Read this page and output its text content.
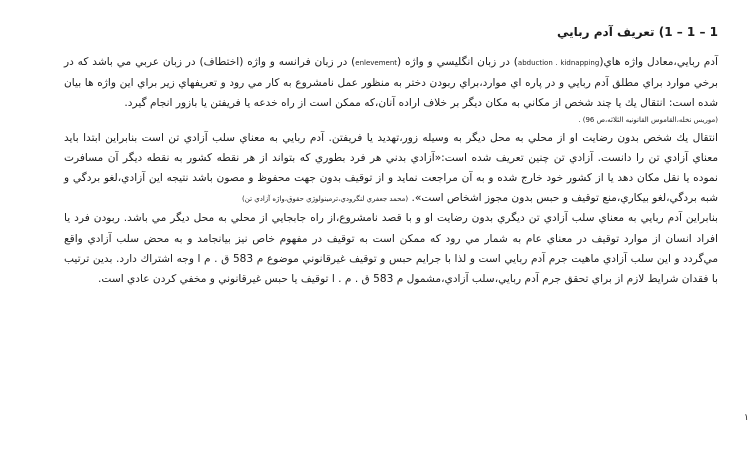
1 – 1 – 1) تعريف آدم ربايي

آدم ربايي،معادل واژه هاي(abduction . kidnapping) در زبان انگليسي و واژه (enlevement) در زبان فرانسه و واژه (اختطاف) در زبان عربي مي باشد كه در برخي موارد براي مطلق آدم ربايي و در پاره اي موارد،براي ربودن دختر به منظور عمل نامشروع به كار مي رود و تعريفهاي زير براي اين واژه ها بيان شده است: انتقال يك يا چند شخص از مكاني به مكان ديگر بر خلاف اراده آنان،كه ممكن است از راه خدعه يا فريفتن يا بازور انجام گيرد.

(موريس نخله،القاموس القانونيه الثلاثه،ص 96) .

انتقال يك شخص بدون رضايت او از محلي به محل ديگر به وسيله زور،تهديد يا فريفتن. آدم ربايي به معناي سلب آزادي تن است بنابراين ابتدا بايد معناي آزادي تن را دانست. آزادي تن چنين تعريف شده است:«آزادي بدني هر فرد بطوري كه بتواند از هر نقطه كشور به نقطه ديگر آن مسافرت نموده يا نقل مكان دهد يا از كشور خود خارج شده و به آن مراجعت نمايد و از توقيف بدون جهت محفوظ و مصون باشد نتيجه اين آزادي،لغو بردگي و شبه بردگي،لغو بيكاري،منع توقيف و حبس بدون مجوز اشخاص است». (محمد جعفري لنگرودي،ترمينولوژي حقوق،واژه آزادي تن)

بنابراين آدم ربايي به معناي سلب آزادي تن ديگري بدون رضايت او و با قصد نامشروع،از راه جابجايي از محلي به محل ديگر مي باشد. ربودن فرد يا افراد انسان از موارد توقيف در معناي عام به شمار مي رود كه ممكن است به توقيف در مفهوم خاص نيز بيانجامد و به محض سلب آزادي واقع مي‌گردد و اين سلب آزادي ماهيت جرم آدم ربايي است و لذا با جرايم حبس و توقيف غيرقانوني موضوع م 583 ق . م ا وجه اشتراك دارد. بدين ترتيب با فقدان شرايط لازم از براي تحقق جرم آدم ربايي،سلب آزادي،مشمول م 583 ق . م . ا توقيف يا حبس غيرقانوني و مخفي كردن عادي است.

١
